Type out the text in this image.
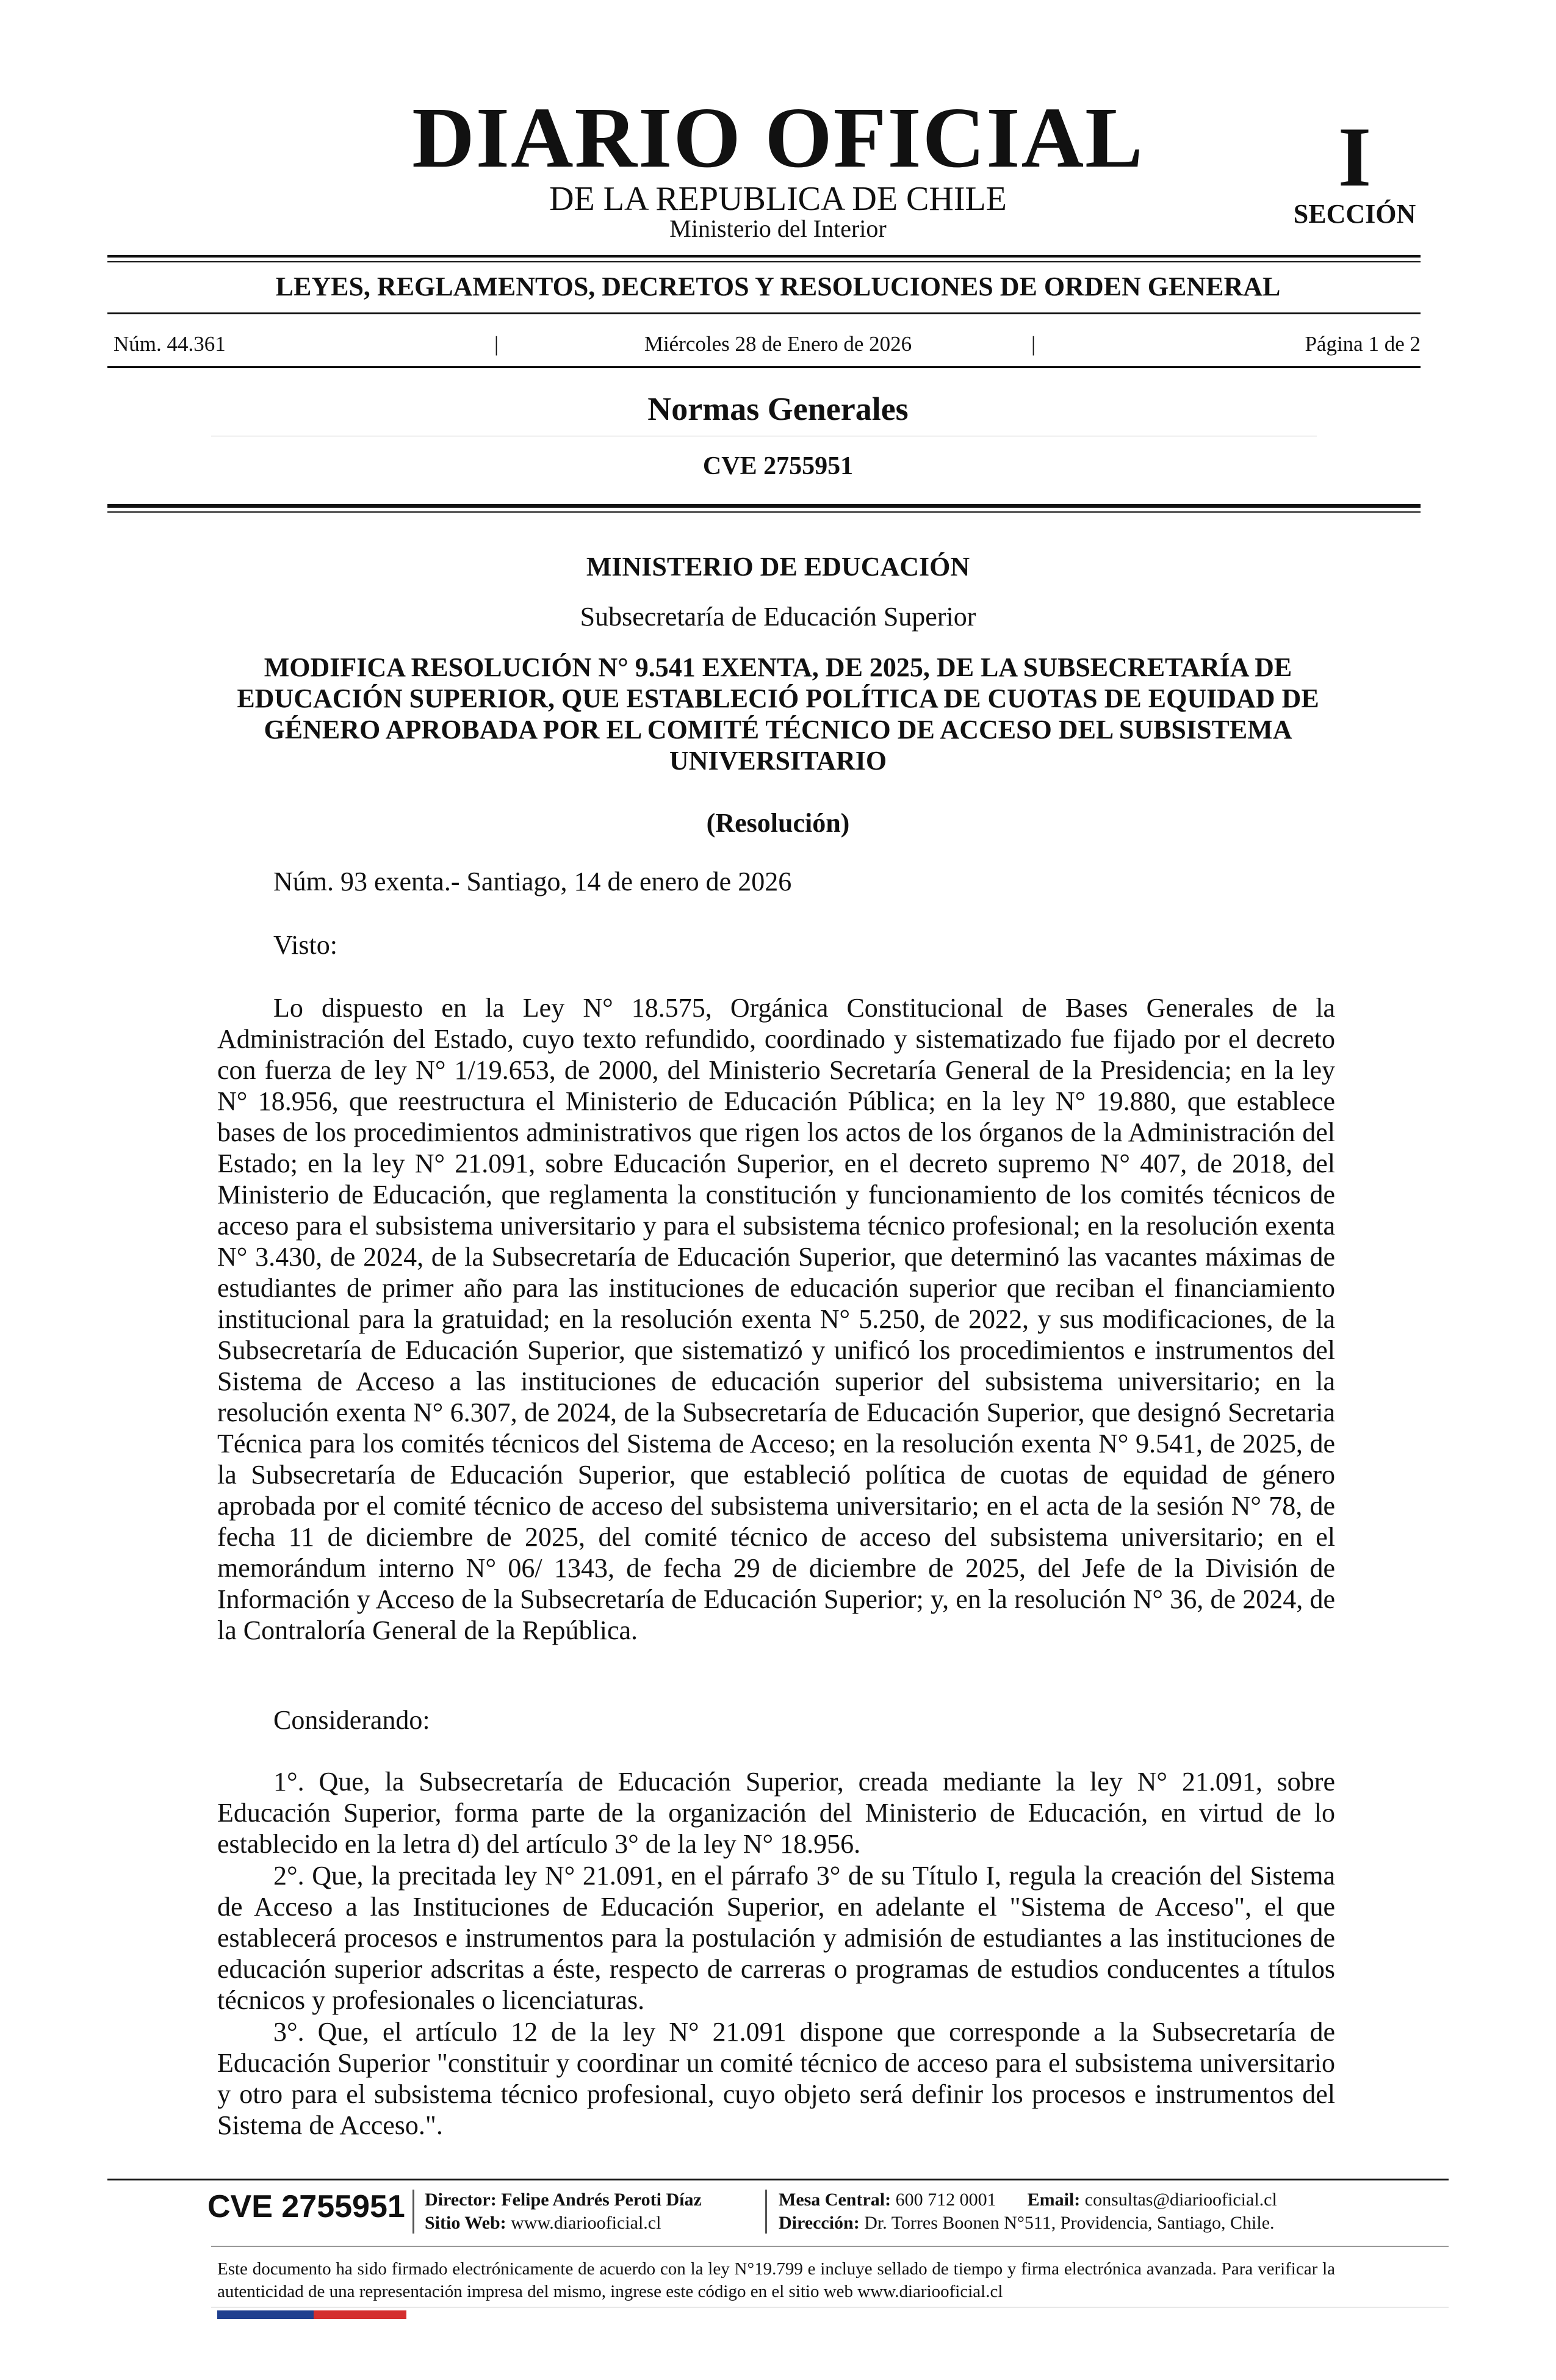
DIARIO OFICIAL
DE LA REPUBLICA DE CHILE
Ministerio del Interior
I
SECCIÓN
LEYES, REGLAMENTOS, DECRETOS Y RESOLUCIONES DE ORDEN GENERAL
Núm. 44.361	|	Miércoles 28 de Enero de 2026	|	Página 1 de 2
Normas Generales
CVE 2755951
MINISTERIO DE EDUCACIÓN
Subsecretaría de Educación Superior
MODIFICA RESOLUCIÓN N° 9.541 EXENTA, DE 2025, DE LA SUBSECRETARÍA DE EDUCACIÓN SUPERIOR, QUE ESTABLECIÓ POLÍTICA DE CUOTAS DE EQUIDAD DE GÉNERO APROBADA POR EL COMITÉ TÉCNICO DE ACCESO DEL SUBSISTEMA UNIVERSITARIO
(Resolución)
Núm. 93 exenta.- Santiago, 14 de enero de 2026
Visto:

Lo dispuesto en la Ley N° 18.575, Orgánica Constitucional de Bases Generales de la Administración del Estado, cuyo texto refundido, coordinado y sistematizado fue fijado por el decreto con fuerza de ley N° 1/19.653, de 2000, del Ministerio Secretaría General de la Presidencia; en la ley N° 18.956, que reestructura el Ministerio de Educación Pública; en la ley N° 19.880, que establece bases de los procedimientos administrativos que rigen los actos de los órganos de la Administración del Estado; en la ley N° 21.091, sobre Educación Superior, en el decreto supremo N° 407, de 2018, del Ministerio de Educación, que reglamenta la constitución y funcionamiento de los comités técnicos de acceso para el subsistema universitario y para el subsistema técnico profesional; en la resolución exenta N° 3.430, de 2024, de la Subsecretaría de Educación Superior, que determinó las vacantes máximas de estudiantes de primer año para las instituciones de educación superior que reciban el financiamiento institucional para la gratuidad; en la resolución exenta N° 5.250, de 2022, y sus modificaciones, de la Subsecretaría de Educación Superior, que sistematizó y unificó los procedimientos e instrumentos del Sistema de Acceso a las instituciones de educación superior del subsistema universitario; en la resolución exenta N° 6.307, de 2024, de la Subsecretaría de Educación Superior, que designó Secretaria Técnica para los comités técnicos del Sistema de Acceso; en la resolución exenta N° 9.541, de 2025, de la Subsecretaría de Educación Superior, que estableció política de cuotas de equidad de género aprobada por el comité técnico de acceso del subsistema universitario; en el acta de la sesión N° 78, de fecha 11 de diciembre de 2025, del comité técnico de acceso del subsistema universitario; en el memorándum interno N° 06/ 1343, de fecha 29 de diciembre de 2025, del Jefe de la División de Información y Acceso de la Subsecretaría de Educación Superior; y, en la resolución N° 36, de 2024, de la Contraloría General de la República.

Considerando:

1°. Que, la Subsecretaría de Educación Superior, creada mediante la ley N° 21.091, sobre Educación Superior, forma parte de la organización del Ministerio de Educación, en virtud de lo establecido en la letra d) del artículo 3° de la ley N° 18.956.

2°. Que, la precitada ley N° 21.091, en el párrafo 3° de su Título I, regula la creación del Sistema de Acceso a las Instituciones de Educación Superior, en adelante el "Sistema de Acceso", el que establecerá procesos e instrumentos para la postulación y admisión de estudiantes a las instituciones de educación superior adscritas a éste, respecto de carreras o programas de estudios conducentes a títulos técnicos y profesionales o licenciaturas.

3°. Que, el artículo 12 de la ley N° 21.091 dispone que corresponde a la Subsecretaría de Educación Superior "constituir y coordinar un comité técnico de acceso para el subsistema universitario y otro para el subsistema técnico profesional, cuyo objeto será definir los procesos e instrumentos del Sistema de Acceso.".

CVE 2755951 Director: Felipe Andrés Peroti Díaz
Sitio Web: www.diariooficial.cl
Mesa Central: 600 712 0001 Email: consultas@diariooficial.cl
Dirección: Dr. Torres Boonen N°511, Providencia, Santiago, Chile.
Este documento ha sido firmado electrónicamente de acuerdo con la ley N°19.799 e incluye sellado de tiempo y firma electrónica avanzada. Para verificar la autenticidad de una representación impresa del mismo, ingrese este código en el sitio web www.diariooficial.cl
